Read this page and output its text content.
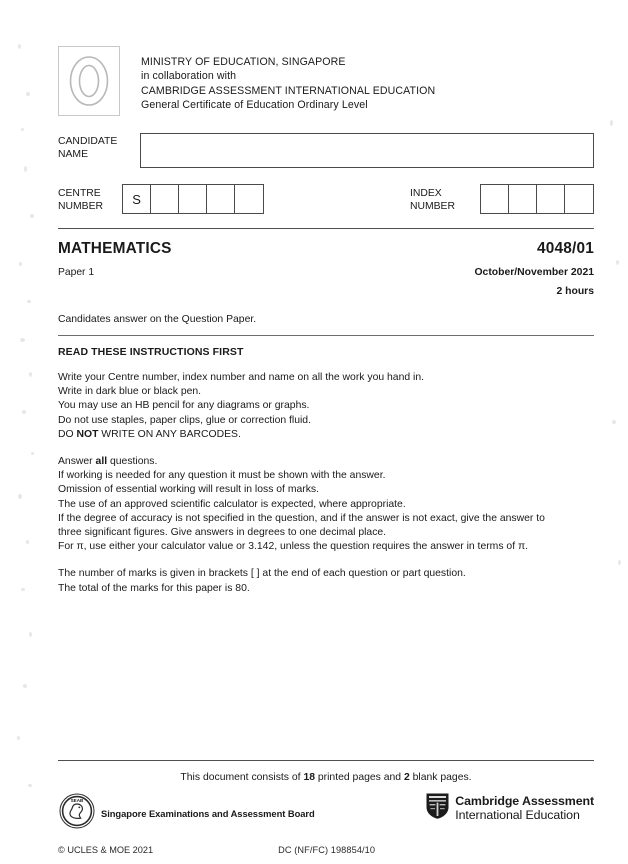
MINISTRY OF EDUCATION, SINGAPORE
in collaboration with
CAMBRIDGE ASSESSMENT INTERNATIONAL EDUCATION
General Certificate of Education Ordinary Level
CANDIDATE
NAME
CENTRE
NUMBER	S	INDEX
NUMBER
MATHEMATICS
Paper 1
4048/01
October/November 2021
2 hours
Candidates answer on the Question Paper.
READ THESE INSTRUCTIONS FIRST

Write your Centre number, index number and name on all the work you hand in.

Write in dark blue or black pen.

You may use an HB pencil for any diagrams or graphs.

Do not use staples, paper clips, glue or correction fluid.

DO NOT WRITE ON ANY BARCODES.

Answer all questions.

If working is needed for any question it must be shown with the answer.

Omission of essential working will result in loss of marks.

The use of an approved scientific calculator is expected, where appropriate.

If the degree of accuracy is not specified in the question, and if the answer is not exact, give the answer to

three significant figures. Give answers in degrees to one decimal place.

For π, use either your calculator value or 3.142, unless the question requires the answer in terms of π.

The number of marks is given in brackets [ ] at the end of each question or part question.

The total of the marks for this paper is 80.

This document consists of 18 printed pages and 2 blank pages.
SEAB
Singapore Examinations and Assessment Board
Cambridge Assessment
International Education
© UCLES & MOE 2021	DC (NF/FC) 198854/10
